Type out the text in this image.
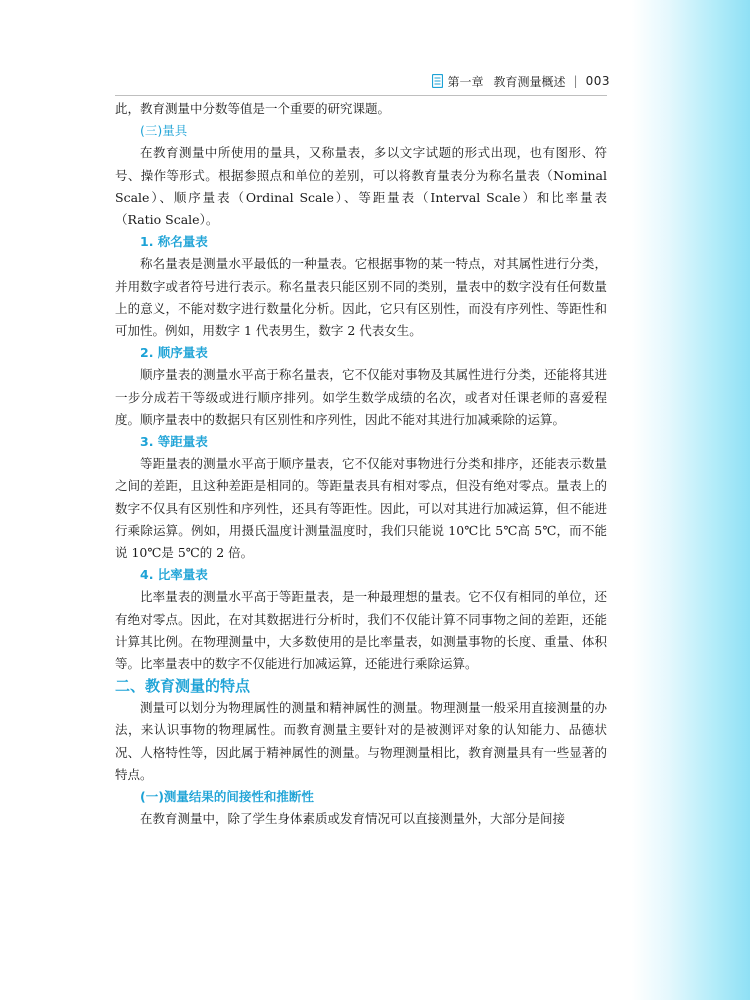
第一章 教育测量概述 | 003

此，教育测量中分数等值是一个重要的研究课题。

(三)量具

在教育测量中所使用的量具，又称量表，多以文字试题的形式出现，也有图形、符号、操作等形式。根据参照点和单位的差别，可以将教育量表分为称名量表（Nominal Scale）、顺序量表（Ordinal Scale）、等距量表（Interval Scale）和比率量表（Ratio Scale）。

1. 称名量表

称名量表是测量水平最低的一种量表。它根据事物的某一特点，对其属性进行分类，并用数字或者符号进行表示。称名量表只能区别不同的类别，量表中的数字没有任何数量上的意义，不能对数字进行数量化分析。因此，它只有区别性，而没有序列性、等距性和可加性。例如，用数字 1 代表男生，数字 2 代表女生。

2. 顺序量表

顺序量表的测量水平高于称名量表，它不仅能对事物及其属性进行分类，还能将其进一步分成若干等级或进行顺序排列。如学生数学成绩的名次，或者对任课老师的喜爱程度。顺序量表中的数据只有区别性和序列性，因此不能对其进行加减乘除的运算。

3. 等距量表

等距量表的测量水平高于顺序量表，它不仅能对事物进行分类和排序，还能表示数量之间的差距，且这种差距是相同的。等距量表具有相对零点，但没有绝对零点。量表上的数字不仅具有区别性和序列性，还具有等距性。因此，可以对其进行加减运算，但不能进行乘除运算。例如，用摄氏温度计测量温度时，我们只能说 10℃比 5℃高 5℃，而不能说 10℃是 5℃的 2 倍。

4. 比率量表

比率量表的测量水平高于等距量表，是一种最理想的量表。它不仅有相同的单位，还有绝对零点。因此，在对其数据进行分析时，我们不仅能计算不同事物之间的差距，还能计算其比例。在物理测量中，大多数使用的是比率量表，如测量事物的长度、重量、体积等。比率量表中的数字不仅能进行加减运算，还能进行乘除运算。

二、教育测量的特点

测量可以划分为物理属性的测量和精神属性的测量。物理测量一般采用直接测量的办法，来认识事物的物理属性。而教育测量主要针对的是被测评对象的认知能力、品德状况、人格特性等，因此属于精神属性的测量。与物理测量相比，教育测量具有一些显著的特点。

(一)测量结果的间接性和推断性

在教育测量中，除了学生身体素质或发育情况可以直接测量外，大部分是间接
